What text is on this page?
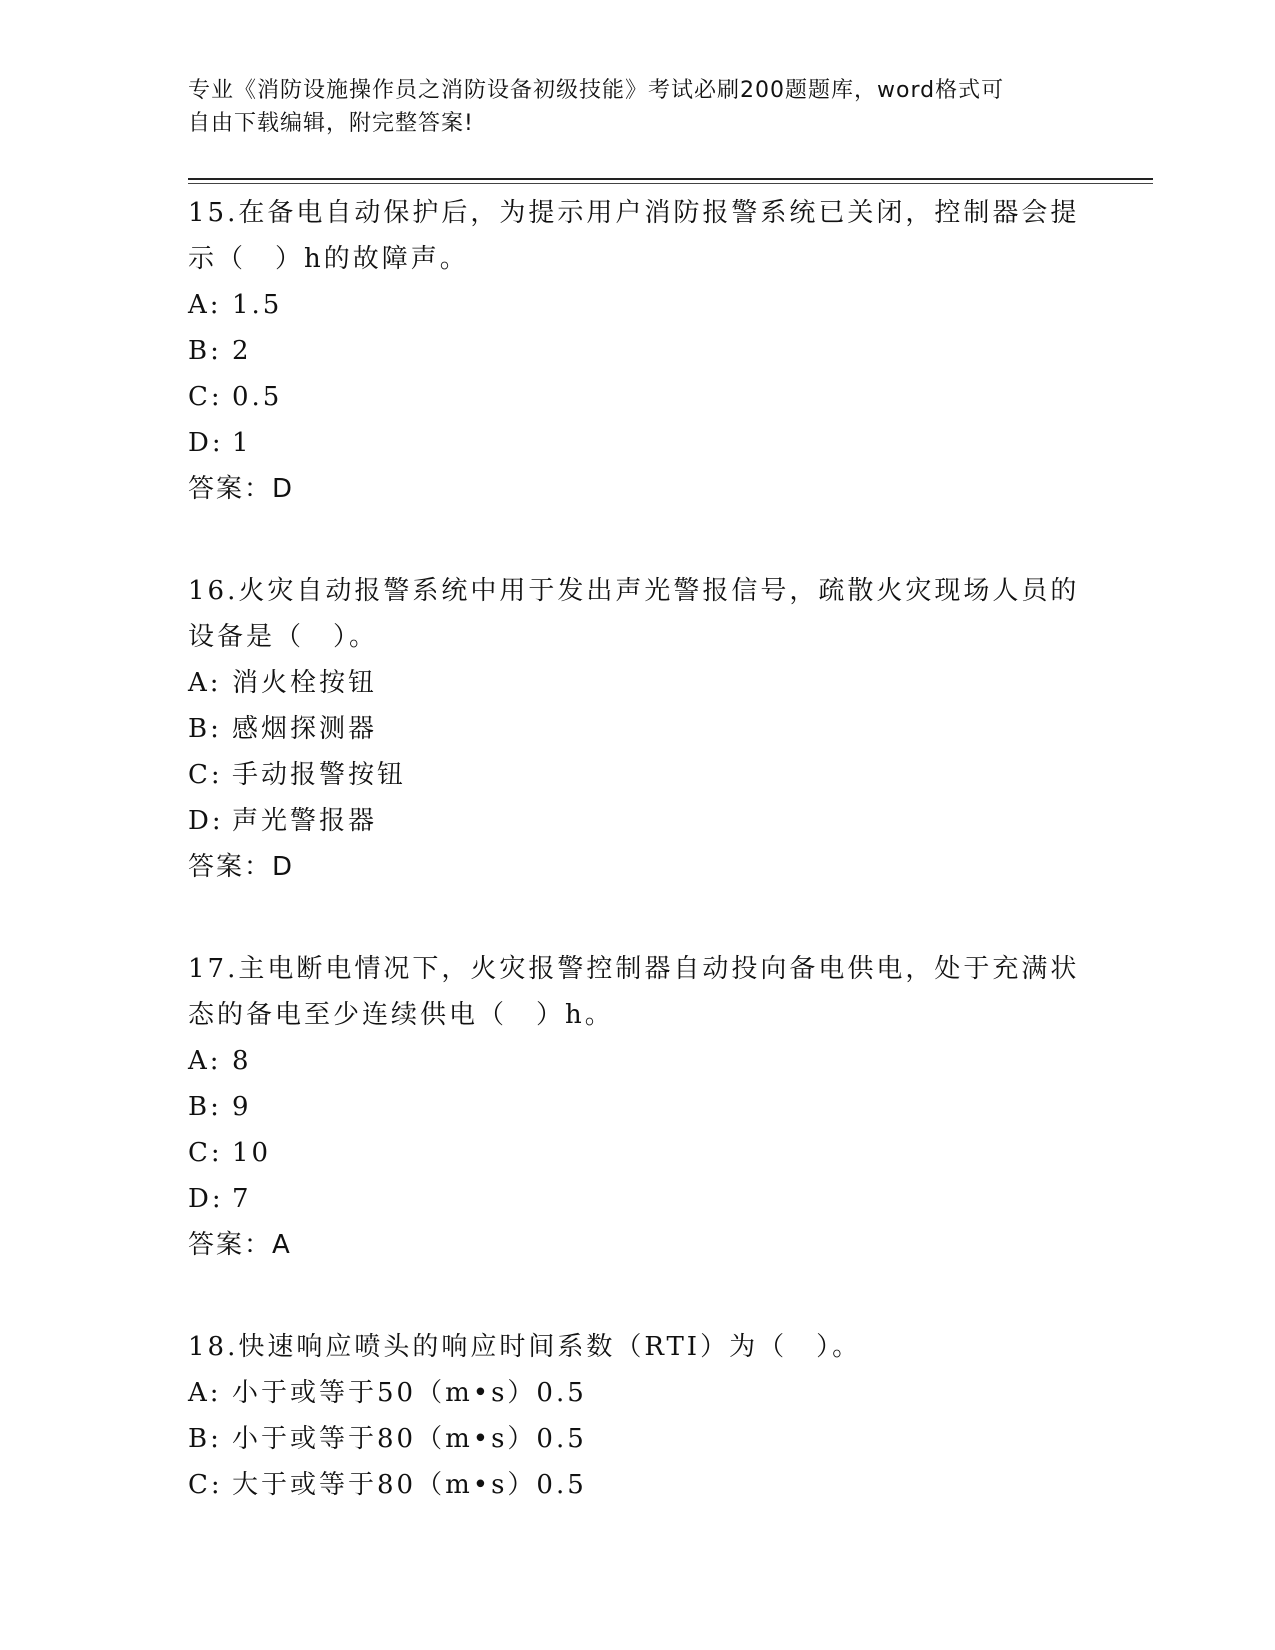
专业《消防设施操作员之消防设备初级技能》考试必刷200题题库，word格式可
自由下载编辑，附完整答案!
15.在备电自动保护后，为提示用户消防报警系统已关闭，控制器会提
示（　）h的故障声。
A: 1.5
B: 2
C: 0.5
D: 1
答案：D
16.火灾自动报警系统中用于发出声光警报信号，疏散火灾现场人员的
设备是（　）。
A: 消火栓按钮
B: 感烟探测器
C: 手动报警按钮
D: 声光警报器
答案：D
17.主电断电情况下，火灾报警控制器自动投向备电供电，处于充满状
态的备电至少连续供电（　）h。
A: 8
B: 9
C: 10
D: 7
答案：A
18.快速响应喷头的响应时间系数（RTI）为（　）。
A: 小于或等于50（m•s）0.5
B: 小于或等于80（m•s）0.5
C: 大于或等于80（m•s）0.5
